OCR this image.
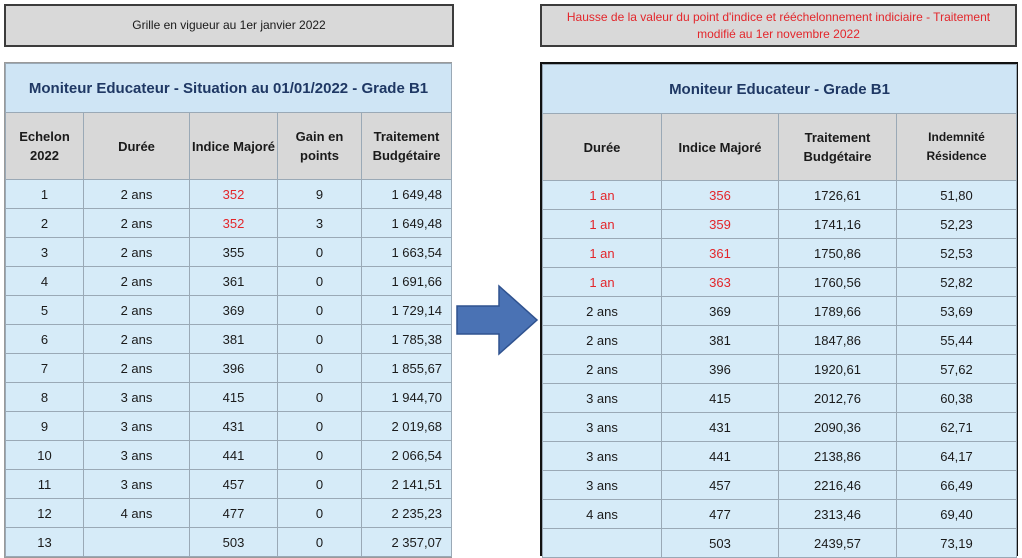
Grille en vigueur au 1er janvier 2022
Hausse de la valeur du point d'indice et rééchelonnement indiciaire - Traitement modifié au 1er novembre 2022
Moniteur Educateur - Situation au 01/01/2022 - Grade B1				
Echelon 2022	Durée	Indice Majoré	Gain en points	Traitement Budgétaire
1	2 ans	352	9	1 649,48
2	2 ans	352	3	1 649,48
3	2 ans	355	0	1 663,54
4	2 ans	361	0	1 691,66
5	2 ans	369	0	1 729,14
6	2 ans	381	0	1 785,38
7	2 ans	396	0	1 855,67
8	3 ans	415	0	1 944,70
9	3 ans	431	0	2 019,68
10	3 ans	441	0	2 066,54
11	3 ans	457	0	2 141,51
12	4 ans	477	0	2 235,23
13		503	0	2 357,07
Moniteur Educateur - Grade B1			
Durée	Indice Majoré	Traitement Budgétaire	Indemnité Résidence
1 an	356	1726,61	51,80
1 an	359	1741,16	52,23
1 an	361	1750,86	52,53
1 an	363	1760,56	52,82
2 ans	369	1789,66	53,69
2 ans	381	1847,86	55,44
2 ans	396	1920,61	57,62
3 ans	415	2012,76	60,38
3 ans	431	2090,36	62,71
3 ans	441	2138,86	64,17
3 ans	457	2216,46	66,49
4 ans	477	2313,46	69,40
	503	2439,57	73,19
